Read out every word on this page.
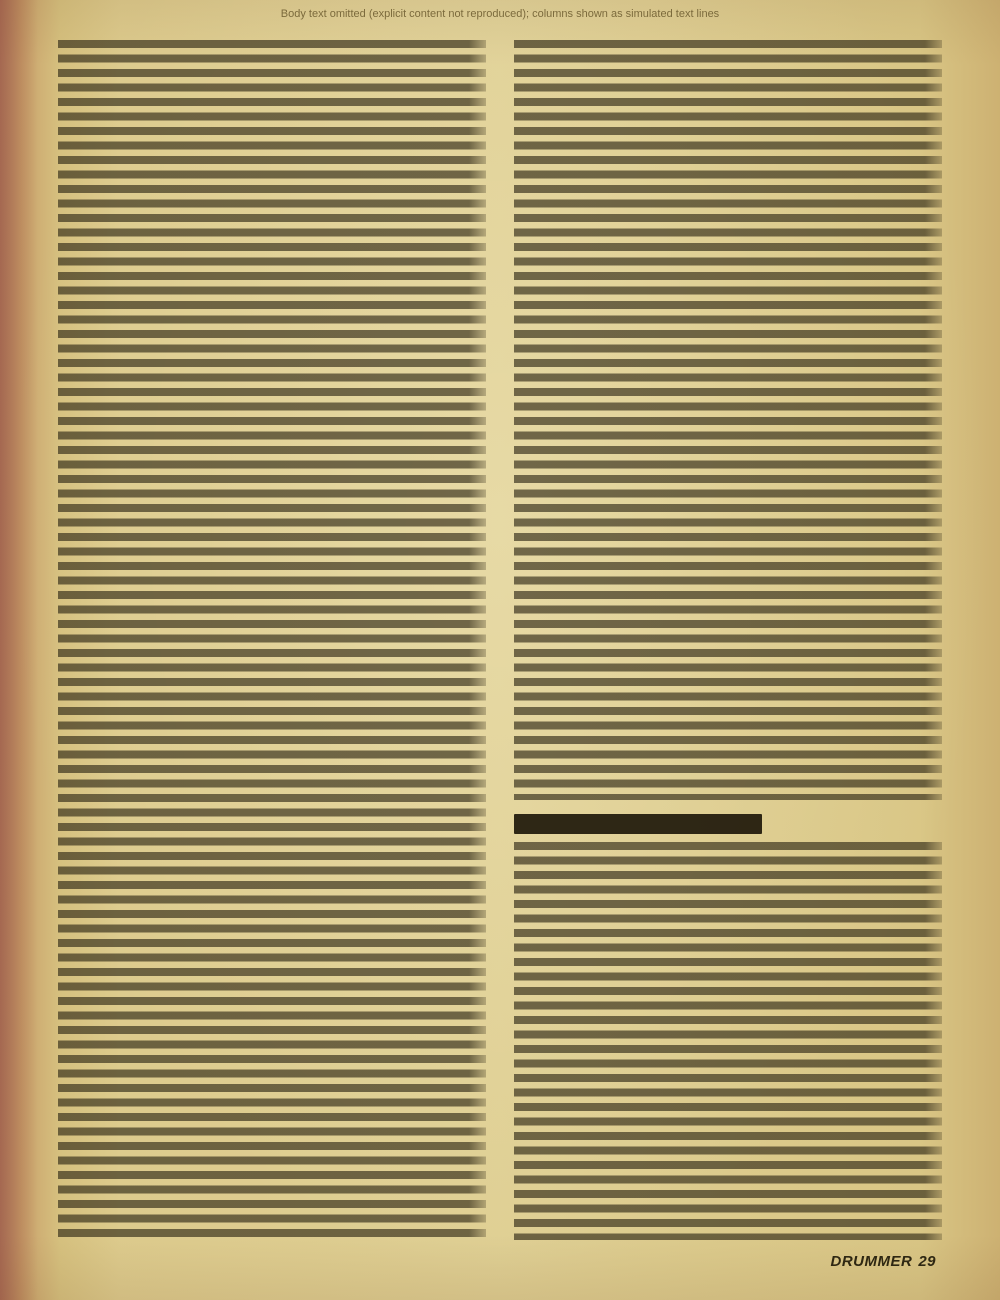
Body text omitted (explicit content not reproduced); columns shown as simulated text lines
DRUMMER 29
